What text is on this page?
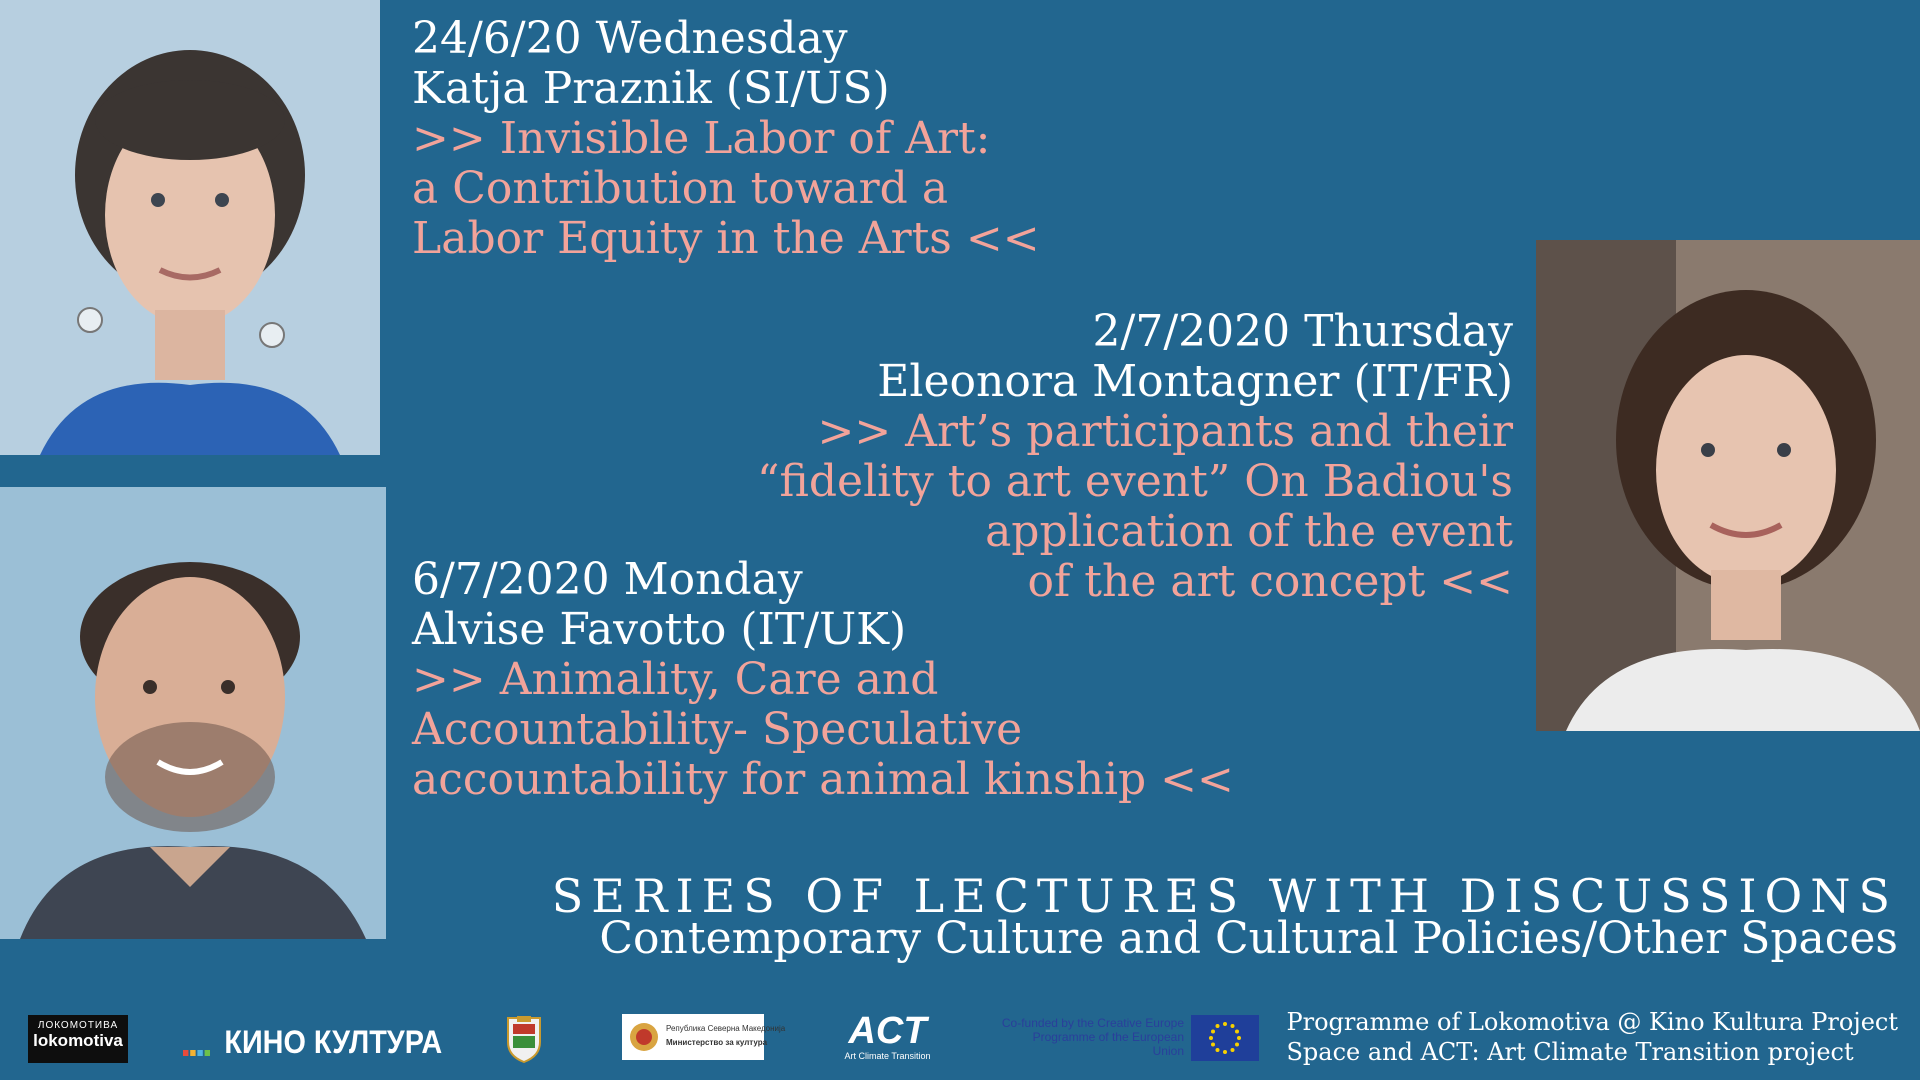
24/6/20 Wednesday
Katja Praznik (SI/US)
>> Invisible Labor of Art:
a Contribution toward a
Labor Equity in the Arts <<
2/7/2020 Thursday
Eleonora Montagner (IT/FR)
>> Art’s participants and their
“fidelity to art event” On Badiou's
application of the event
of the art concept <<
6/7/2020 Monday
Alvise Favotto (IT/UK)
>> Animality, Care and
Accountability- Speculative
accountability for animal kinship <<
SERIES OF LECTURES WITH DISCUSSIONS
Contemporary Culture and Cultural Policies/Other Spaces
ЛОКОМОТИВА
lokomotiva	КИНО КУЛТУРА	Република Северна Македонија
Министерство за култура ACT
Art Climate Transition
Co-funded by the Creative Europe Programme of the European Union
Programme of Lokomotiva @ Kino Kultura Project
Space and ACT: Art Climate Transition project
